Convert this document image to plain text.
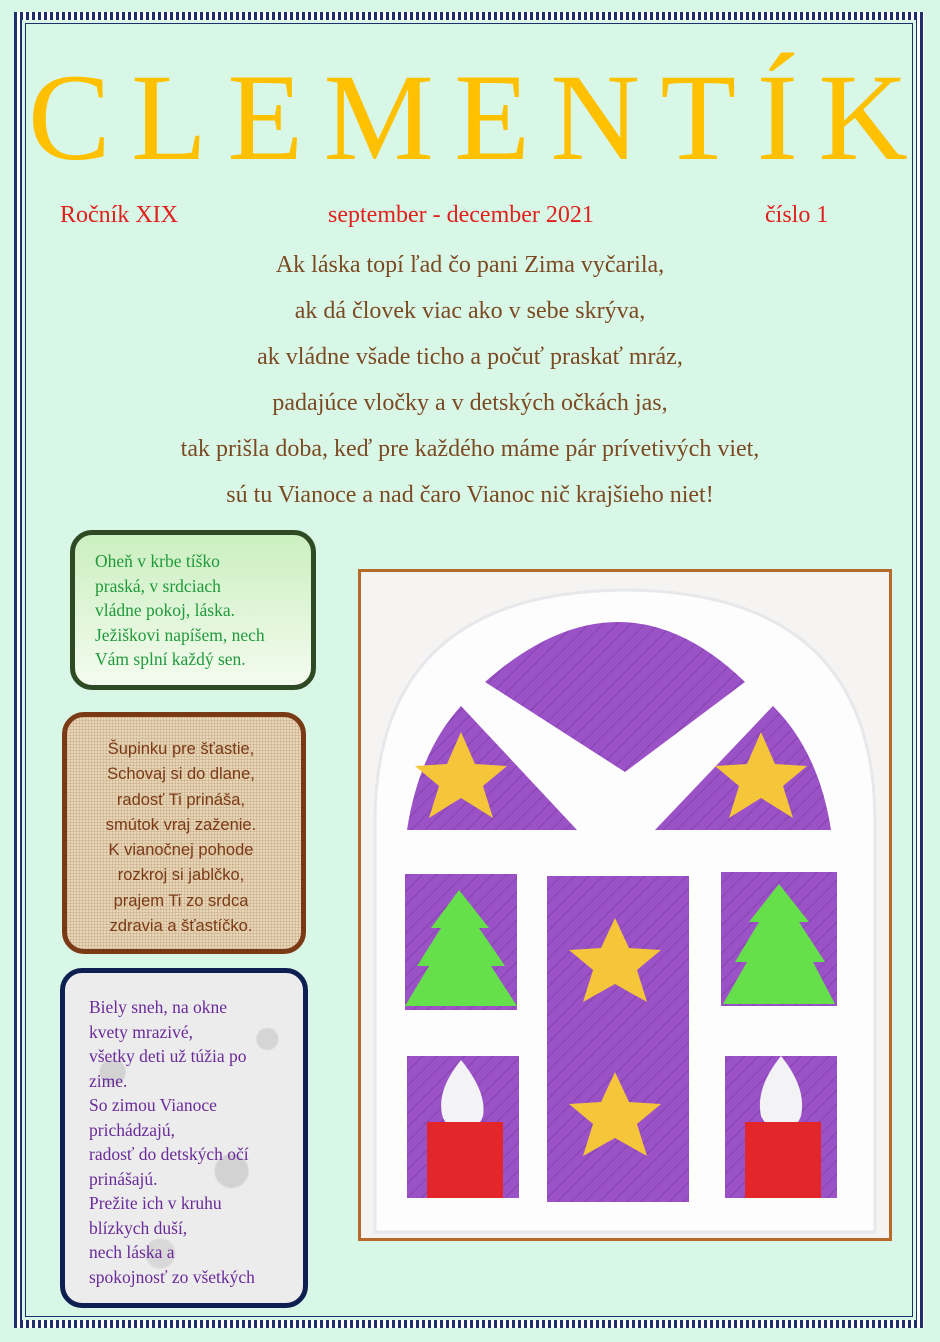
C L E M E N T Í K
Ročník XIX	september - december 2021	číslo 1
Ak láska topí ľad čo pani Zima vyčarila,
ak dá človek viac ako v sebe skrýva,
ak vládne všade ticho a počuť praskať mráz,
padajúce vločky a v detských očkách jas,
tak prišla doba, keď pre každého máme pár prívetivých viet,
sú tu Vianoce a nad čaro Vianoc nič krajšieho niet!
Oheň v krbe tíško
praská, v srdciach
vládne pokoj, láska.
Ježiškovi napíšem, nech
Vám splní každý sen.
Šupinku pre šťastie,
Schovaj si do dlane,
radosť Ti prináša,
smútok vraj zaženie.
K vianočnej pohode
rozkroj si jablčko,
prajem Ti zo srdca
zdravia a šťastíčko.
Biely sneh, na okne
kvety mrazivé,
všetky deti už túžia po
zime.
So zimou Vianoce
prichádzajú,
radosť do detských očí
prinášajú.
Prežite ich v kruhu
blízkych duší,
nech láska a
spokojnosť zo všetkých
